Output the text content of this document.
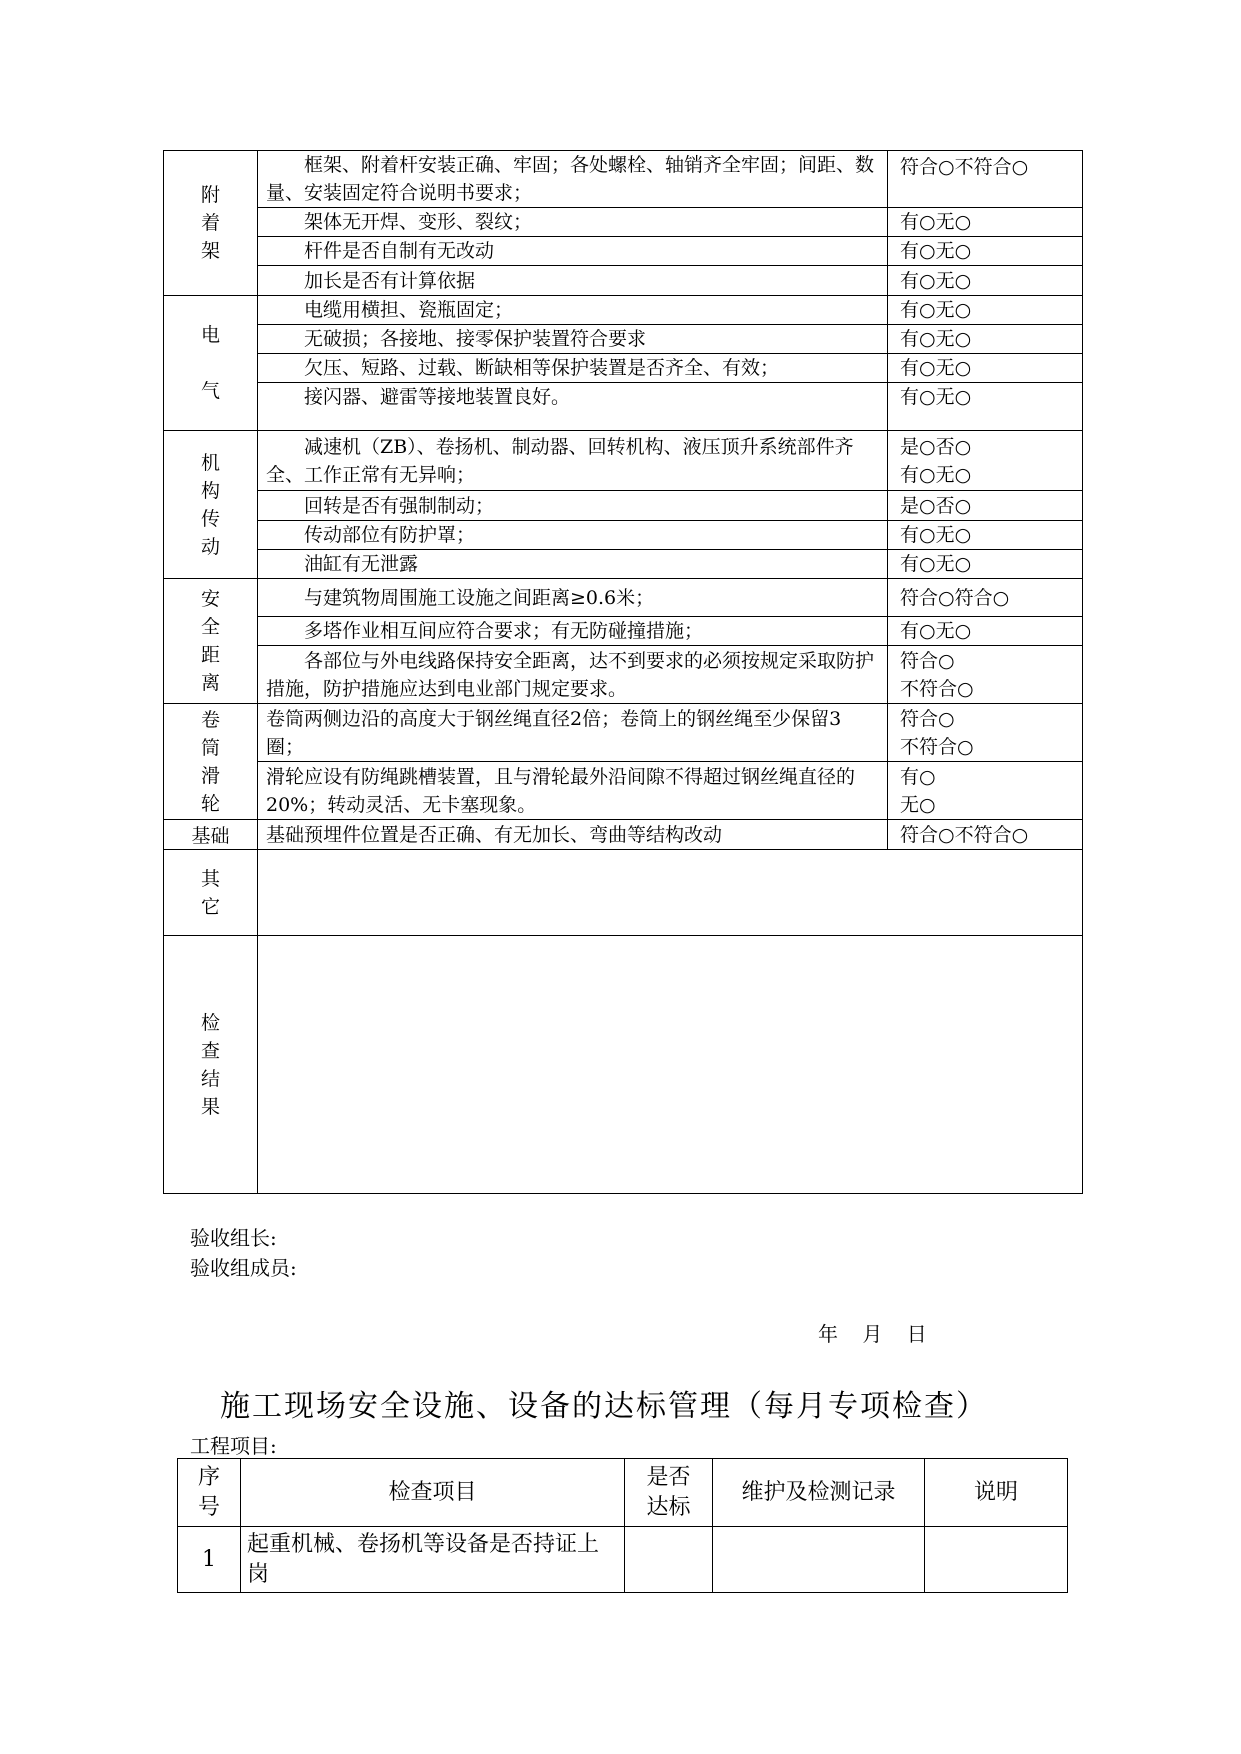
附着架	框架、附着杆安装正确、牢固；各处螺栓、轴销齐全牢固；间距、数量、安装固定符合说明书要求；	符合○不符合○

	架体无开焊、变形、裂纹；	有○无○

	杆件是否自制有无改动	有○无○

	加长是否有计算依据	有○无○

电气	电缆用横担、瓷瓶固定；	有○无○

	无破损；各接地、接零保护装置符合要求	有○无○

	欠压、短路、过载、断缺相等保护装置是否齐全、有效；	有○无○

	接闪器、避雷等接地装置良好。	有○无○

机构传动	减速机（ZB）、卷扬机、制动器、回转机构、液压顶升系统部件齐全、工作正常有无异响；	是○否○
有○无○

	回转是否有强制制动；	是○否○

	传动部位有防护罩；	有○无○

	油缸有无泄露	有○无○

安全距离	与建筑物周围施工设施之间距离≥0.6米；	符合○符合○

	多塔作业相互间应符合要求；有无防碰撞措施；	有○无○

	各部位与外电线路保持安全距离，达不到要求的必须按规定采取防护措施，防护措施应达到电业部门规定要求。	符合○
不符合○

卷筒滑轮	卷筒两侧边沿的高度大于钢丝绳直径2倍；卷筒上的钢丝绳至少保留3圈；	符合○
不符合○

	滑轮应设有防绳跳槽装置，且与滑轮最外沿间隙不得超过钢丝绳直径的20%；转动灵活、无卡塞现象。	有○
无○

基础	基础预埋件位置是否正确、有无加长、弯曲等结构改动	符合○不符合○

其它		
检查结果		
验收组长:
验收组成员:
年 月 日
施工现场安全设施、设备的达标管理（每月专项检查）
工程项目:
序号	检查项目	是否达标	维护及检测记录	说明
1	起重机械、卷扬机等设备是否持证上岗			
